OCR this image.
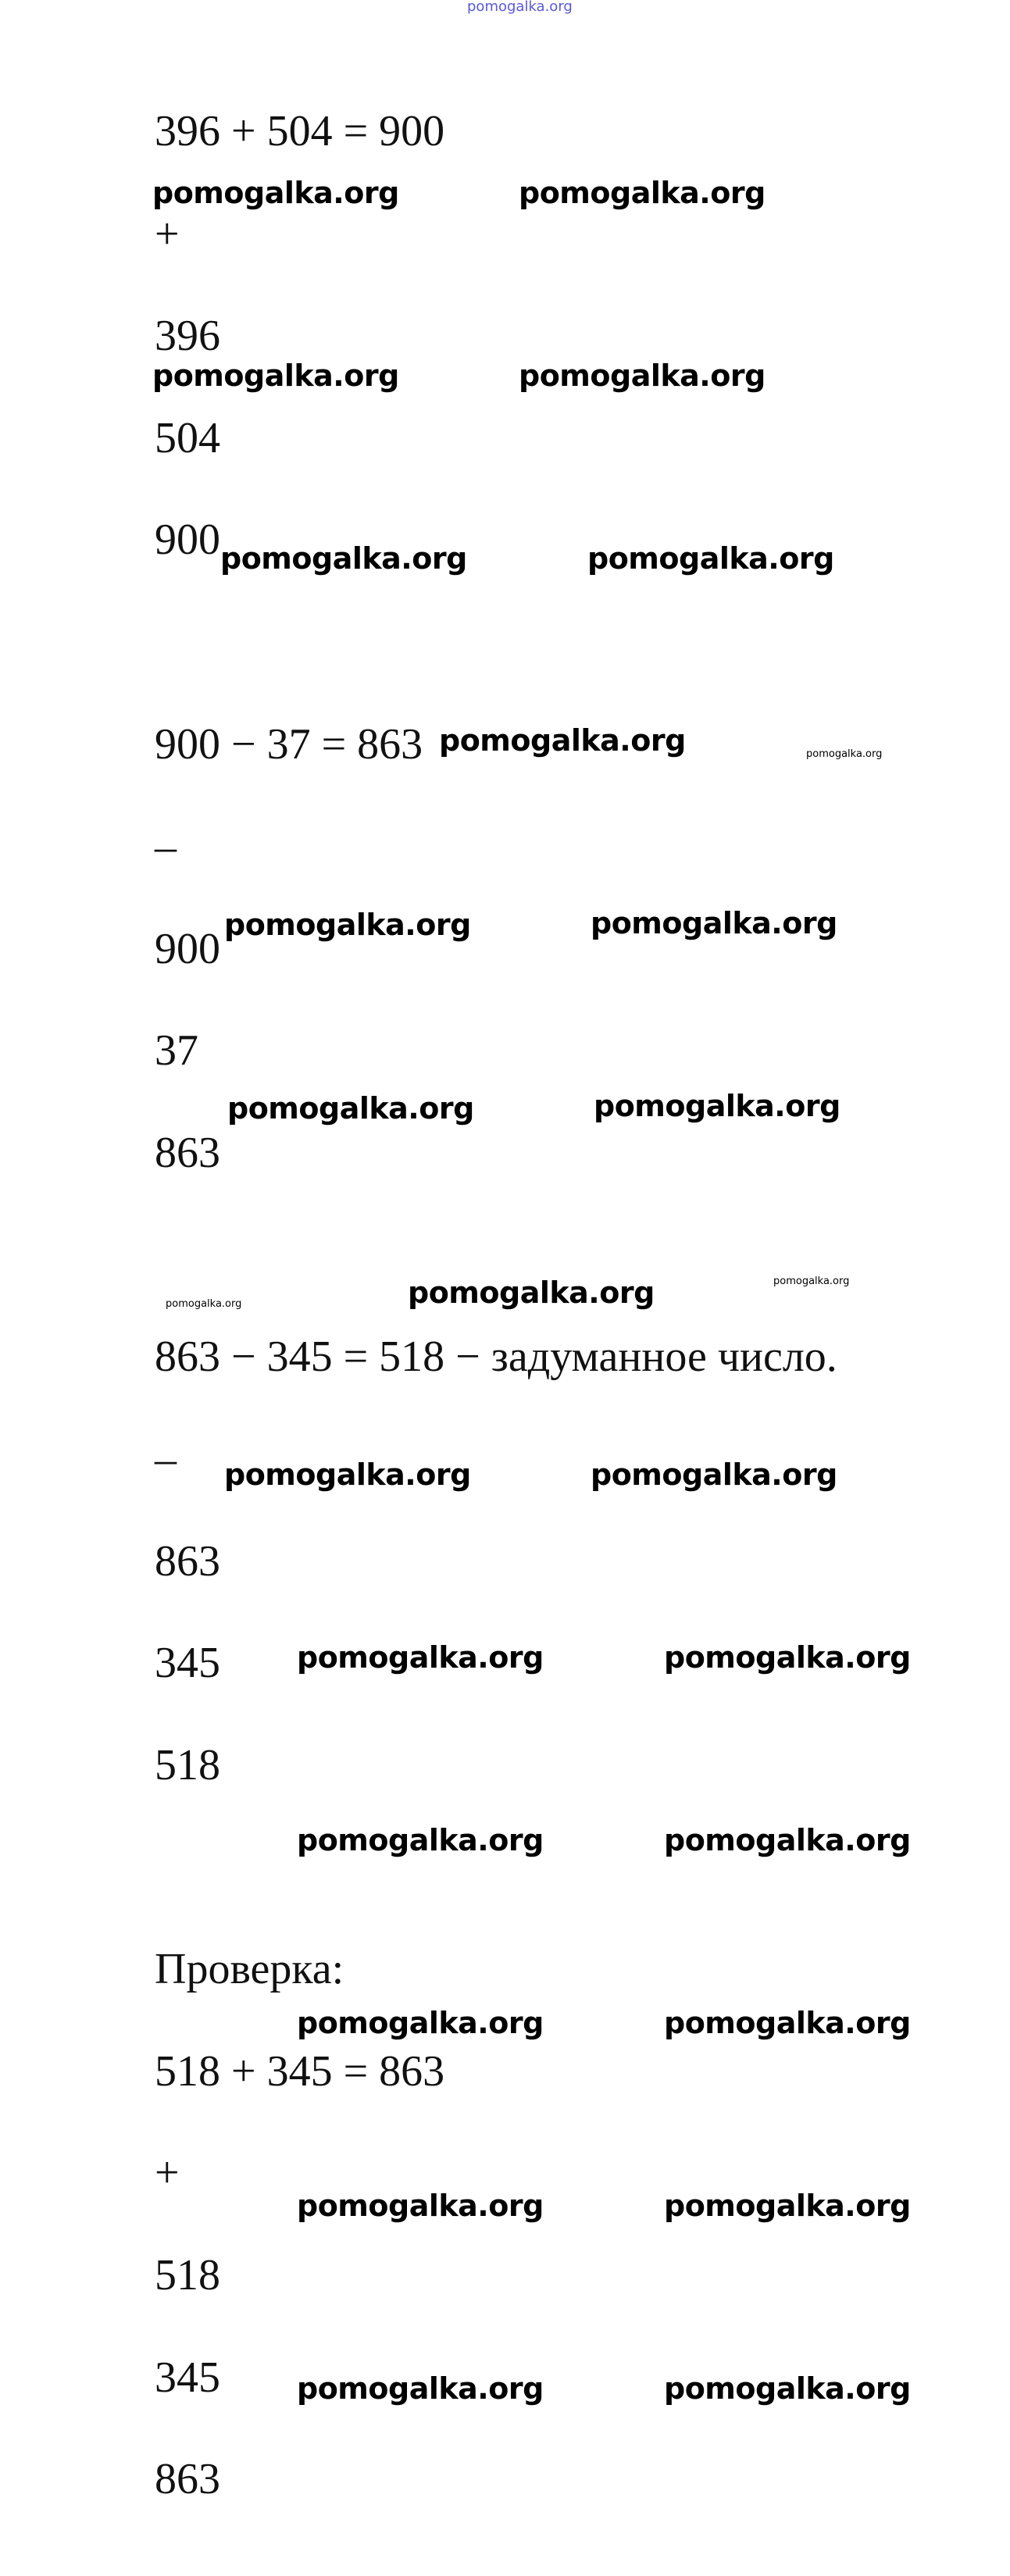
pomogalka.org
396 + 504 = 900
+
396
504
900
900 − 37 = 863
–
900
37
863
863 − 345 = 518 − задуманное число.
–
863
345
518
Проверка:
518 + 345 = 863
+
518
345
863
pomogalka.org	pomogalka.org
pomogalka.org	pomogalka.org
pomogalka.org	pomogalka.org
pomogalka.org	pomogalka.org
pomogalka.org	pomogalka.org
pomogalka.org	pomogalka.org
pomogalka.org	pomogalka.org	pomogalka.org
pomogalka.org	pomogalka.org
pomogalka.org	pomogalka.org
pomogalka.org	pomogalka.org
pomogalka.org	pomogalka.org
pomogalka.org	pomogalka.org
pomogalka.org	pomogalka.org
